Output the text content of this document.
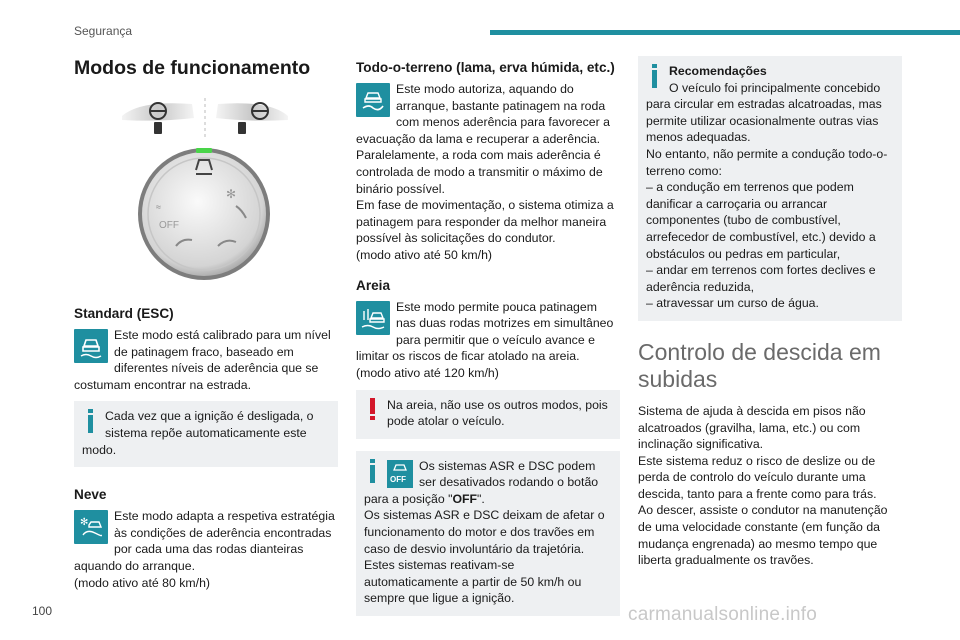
Segurança
Modos de funcionamento
≈
OFF
✻
Standard (ESC)

Este modo está calibrado para um nível de patinagem fraco, baseado em diferentes níveis de aderência que se costumam encontrar na estrada.

Cada vez que a ignição é desligada, o sistema repõe automaticamente este modo.

Neve
✻	Este modo adapta a respetiva estratégia às condições de aderência encontradas por cada uma das rodas dianteiras aquando do arranque.
(modo ativo até 80 km/h)

Todo-o-terreno (lama, erva húmida, etc.)

Este modo autoriza, aquando do arranque, bastante patinagem na roda com menos aderência para favorecer a evacuação da lama e recuperar a aderência. Paralelamente, a roda com mais aderência é controlada de modo a transmitir o máximo de binário possível.
Em fase de movimentação, o sistema otimiza a patinagem para responder da melhor maneira possível às solicitações do condutor.
(modo ativo até 50 km/h)

Areia

Este modo permite pouca patinagem nas duas rodas motrizes em simultâneo para permitir que o veículo avance e limitar os riscos de ficar atolado na areia.
(modo ativo até 120 km/h)

Na areia, não use os outros modos, pois pode atolar o veículo.

OFF

Os sistemas ASR e DSC podem ser desativados rodando o botão para a posição "OFF".
Os sistemas ASR e DSC deixam de afetar o funcionamento do motor e dos travões em caso de desvio involuntário da trajetória.
Estes sistemas reativam-se automaticamente a partir de 50 km/h ou sempre que ligue a ignição.

Recomendações

O veículo foi principalmente concebido para circular em estradas alcatroadas, mas permite utilizar ocasionalmente outras vias menos adequadas.
No entanto, não permite a condução todo-o-terreno como:
– a condução em terrenos que podem danificar a carroçaria ou arrancar componentes (tubo de combustível, arrefecedor de combustível, etc.) devido a obstáculos ou pedras em particular,
– andar em terrenos com fortes declives e aderência reduzida,
– atravessar um curso de água.

Controlo de descida em subidas

Sistema de ajuda à descida em pisos não alcatroados (gravilha, lama, etc.) ou com inclinação significativa.
Este sistema reduz o risco de deslize ou de perda de controlo do veículo durante uma descida, tanto para a frente como para trás.
Ao descer, assiste o condutor na manutenção de uma velocidade constante (em função da mudança engrenada) ao mesmo tempo que liberta gradualmente os travões.

100	carmanualsonline.info
